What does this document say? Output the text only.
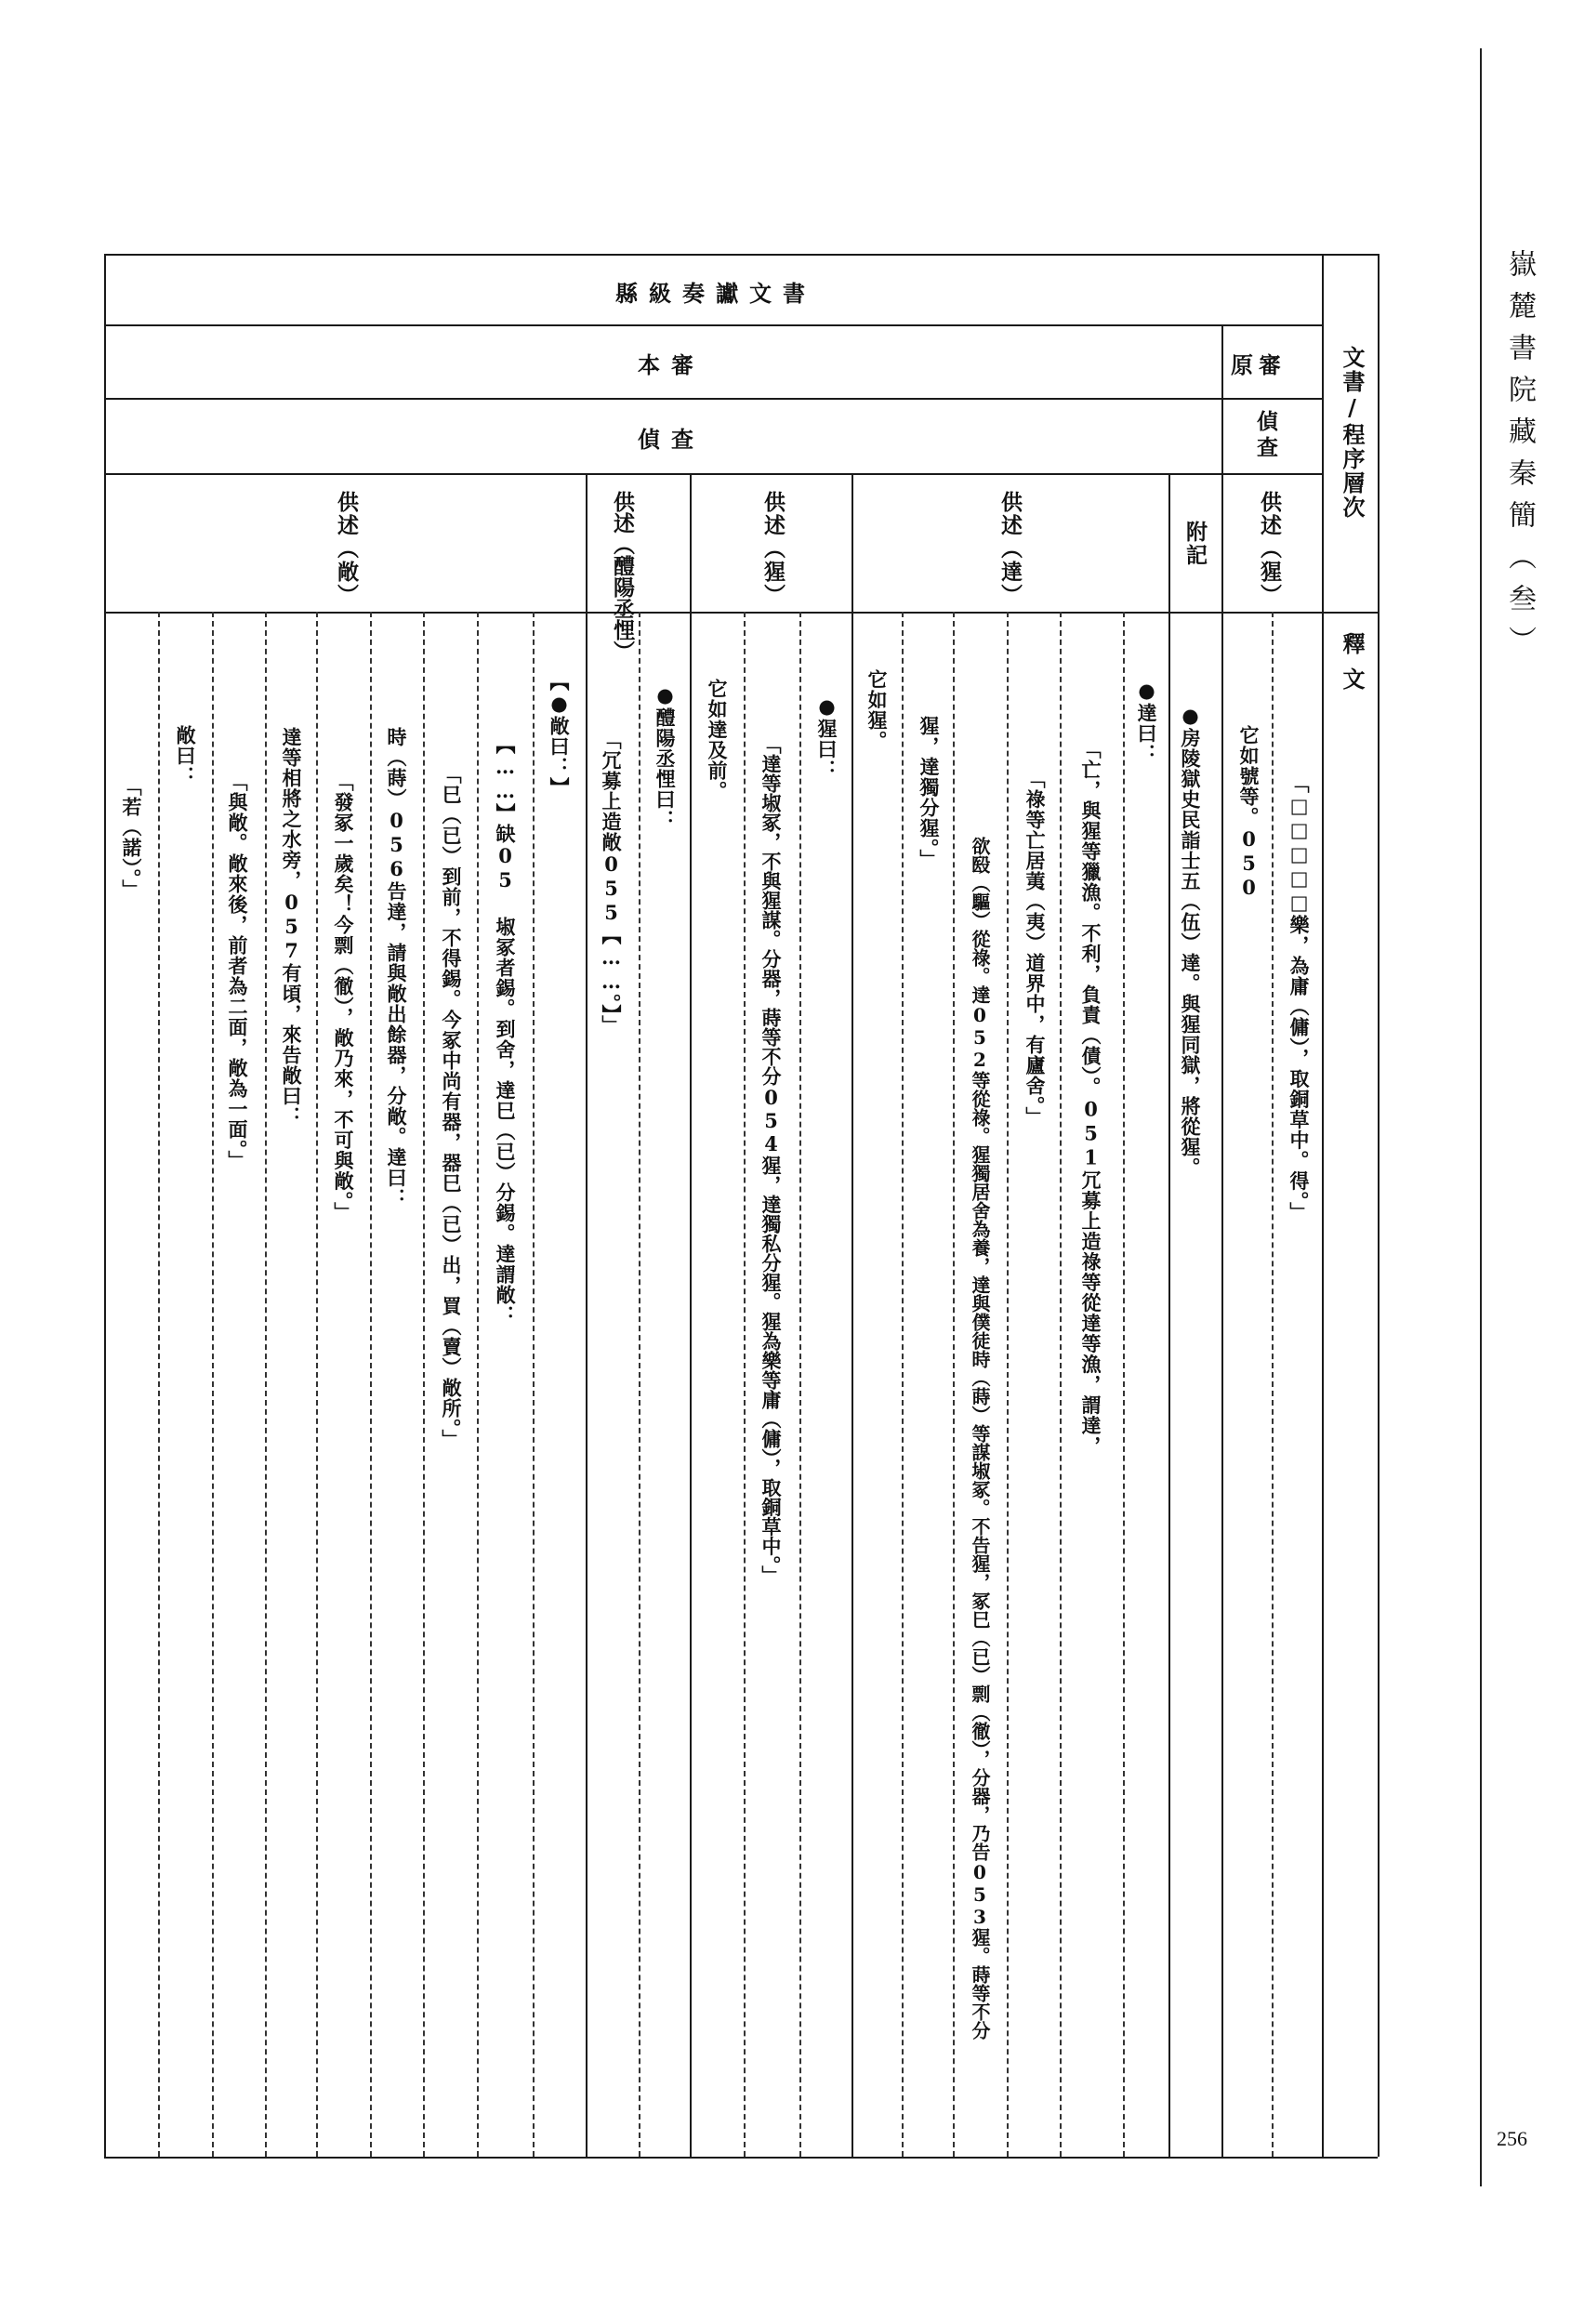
嶽麓書院藏秦簡（叁）
256
縣級奏讞文書
本審	原審
偵查	文書/程序層次
釋文
偵查
供述（猩）
附記
供述（達）
供述（猩）
供述（醴陽丞悝）
供述（敞）
「□□□□□樂，為庸（傭），取銅草中。得。」
它如號等。050
●房陵獄史民詣士五（伍）達。與猩同獄，將從猩。
●達曰：
「亡，與猩等獵漁。不利，負責（債）。051冗募上造祿等從達等漁，謂達，
「祿等亡居荑（夷）道界中，有廬舍。」
欲殹（驅）從祿。達052等從祿。猩獨居舍為養，達與僕徒時（蒔）等謀埱冢。不告猩，冢巳（已）剽（徹），分器，乃告053猩。蒔等不分
猩，達獨分猩。」
它如猩。
●猩曰：
「達等埱冢，不與猩謀。分器，蒔等不分054猩，達獨私分猩。猩為樂等庸（傭），取銅草中。」
它如達及前。
●醴陽丞悝曰：
「冗募上造敞055【……。】」
【●敞曰：】
【……】缺05 埱冢者錫。到舍，達巳（已）分錫。達謂敞：
「巳（已）到前，不得錫。今冢中尚有器，器巳（已）出，買（賣）敞所。」
時（蒔）056告達，請與敞出餘器，分敞。達曰：
「發冢一歲矣！今剽（徹），敞乃來，不可與敞。」
達等相將之水旁，057有頃，來告敞曰：
「與敞。敞來後，前者為二面，敞為一面。」
敞曰：
「若（諾）。」
